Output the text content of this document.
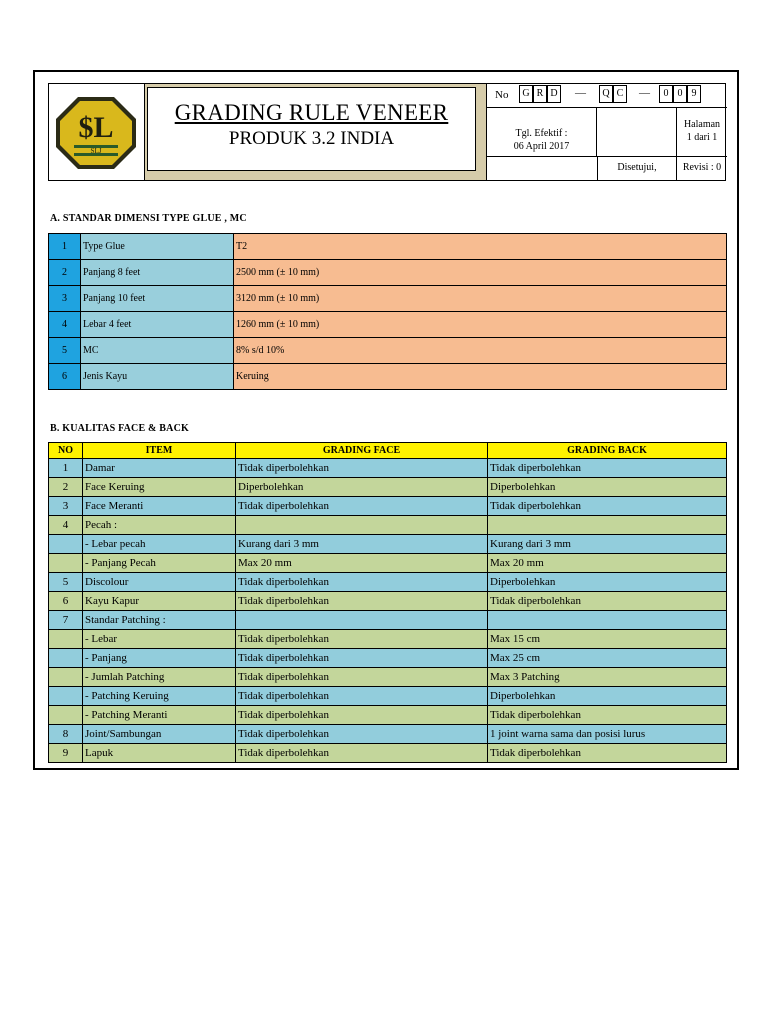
$L
SLJ
GRADING RULE VENEER
PRODUK 3.2 INDIA
No	G R D	—	Q C	—	0 0 9
Tgl. Efektif :
06 April 2017
Halaman
1 dari 1
Disetujui,	Revisi : 0
A. STANDAR DIMENSI TYPE GLUE , MC
1	Type Glue	T2
2	Panjang 8 feet	2500 mm (± 10 mm)
3	Panjang 10 feet	3120 mm (± 10 mm)
4	Lebar 4 feet	1260 mm (± 10 mm)
5	MC	8% s/d 10%
6	Jenis Kayu	Keruing
B. KUALITAS FACE & BACK
NO	ITEM	GRADING FACE	GRADING BACK
1	Damar	Tidak diperbolehkan	Tidak diperbolehkan
2	Face Keruing	Diperbolehkan	Diperbolehkan
3	Face Meranti	Tidak diperbolehkan	Tidak diperbolehkan
4	Pecah :		
	- Lebar pecah	Kurang dari 3 mm	Kurang dari 3 mm
	- Panjang Pecah	Max 20 mm	Max 20 mm
5	Discolour	Tidak diperbolehkan	Diperbolehkan
6	Kayu Kapur	Tidak diperbolehkan	Tidak diperbolehkan
7	Standar Patching :		
	- Lebar	Tidak diperbolehkan	Max 15 cm
	- Panjang	Tidak diperbolehkan	Max 25 cm
	- Jumlah Patching	Tidak diperbolehkan	Max 3 Patching
	- Patching Keruing	Tidak diperbolehkan	Diperbolehkan
	- Patching Meranti	Tidak diperbolehkan	Tidak diperbolehkan
8	Joint/Sambungan	Tidak diperbolehkan	1 joint warna sama dan posisi lurus
9	Lapuk	Tidak diperbolehkan	Tidak diperbolehkan
